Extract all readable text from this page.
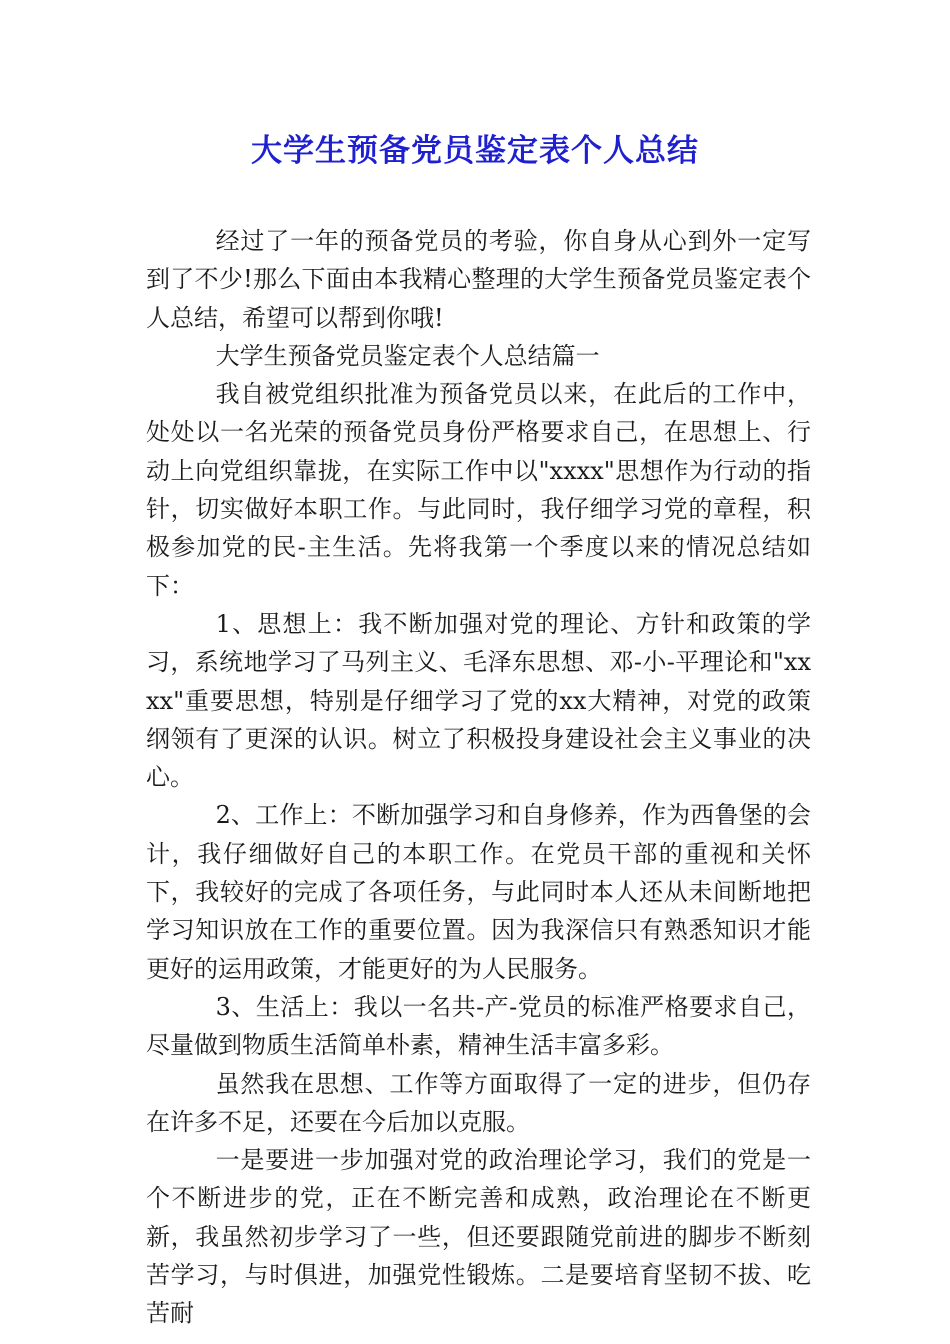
大学生预备党员鉴定表个人总结

经过了一年的预备党员的考验，你自身从心到外一定写到了不少!那么下面由本我精心整理的大学生预备党员鉴定表个人总结，希望可以帮到你哦!

大学生预备党员鉴定表个人总结篇一

我自被党组织批准为预备党员以来，在此后的工作中，处处以一名光荣的预备党员身份严格要求自己，在思想上、行动上向党组织靠拢，在实际工作中以"xxxx"思想作为行动的指针，切实做好本职工作。与此同时，我仔细学习党的章程，积极参加党的民-主生活。先将我第一个季度以来的情况总结如下：

1、思想上：我不断加强对党的理论、方针和政策的学习，系统地学习了马列主义、毛泽东思想、邓-小-平理论和"xxxx"重要思想，特别是仔细学习了党的xx大精神，对党的政策纲领有了更深的认识。树立了积极投身建设社会主义事业的决心。

2、工作上：不断加强学习和自身修养，作为西鲁堡的会计，我仔细做好自己的本职工作。在党员干部的重视和关怀下，我较好的完成了各项任务，与此同时本人还从未间断地把学习知识放在工作的重要位置。因为我深信只有熟悉知识才能更好的运用政策，才能更好的为人民服务。

3、生活上：我以一名共-产-党员的标准严格要求自己，尽量做到物质生活简单朴素，精神生活丰富多彩。

虽然我在思想、工作等方面取得了一定的进步，但仍存在许多不足，还要在今后加以克服。

一是要进一步加强对党的政治理论学习，我们的党是一个不断进步的党，正在不断完善和成熟，政治理论在不断更新，我虽然初步学习了一些，但还要跟随党前进的脚步不断刻苦学习，与时俱进，加强党性锻炼。二是要培育坚韧不拔、吃苦耐
